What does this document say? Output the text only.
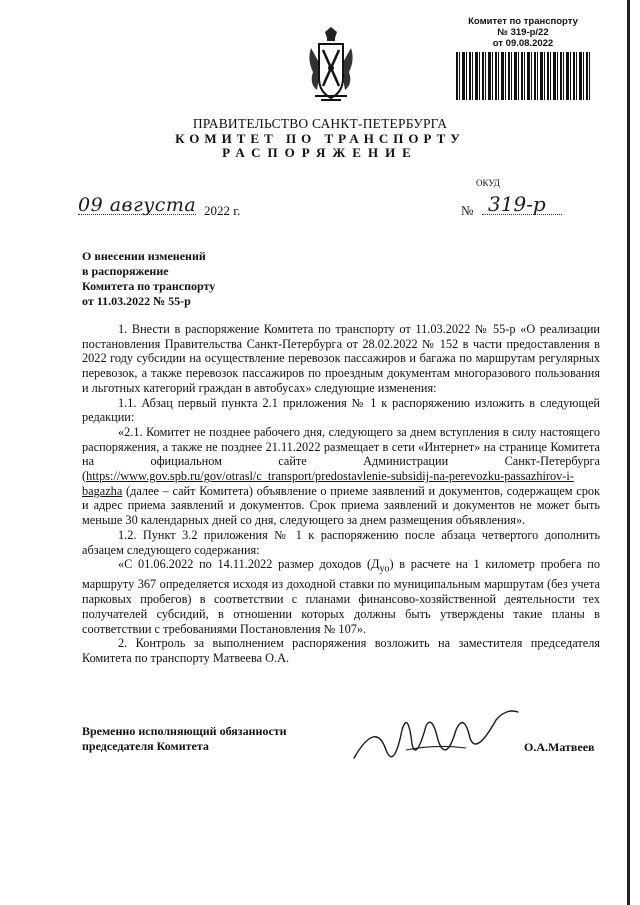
Комитет по транспорту
№ 319-р/22
от 09.08.2022
ПРАВИТЕЛЬСТВО САНКТ-ПЕТЕРБУРГА
КОМИТЕТ ПО ТРАНСПОРТУ
РАСПОРЯЖЕНИЕ
ОКУД
09 августа 2022 г.	№ 319-р
О внесении изменений
в распоряжение
Комитета по транспорту
от 11.03.2022 № 55-р

1. Внести в распоряжение Комитета по транспорту от 11.03.2022 № 55-р «О реализации постановления Правительства Санкт-Петербурга от 28.02.2022 № 152 в части предоставления в 2022 году субсидии на осуществление перевозок пассажиров и багажа по маршрутам регулярных перевозок, а также перевозок пассажиров по проездным документам многоразового пользования и льготных категорий граждан в автобусах» следующие изменения:

1.1. Абзац первый пункта 2.1 приложения № 1 к распоряжению изложить в следующей редакции:

«2.1. Комитет не позднее рабочего дня, следующего за днем вступления в силу настоящего распоряжения, а также не позднее 21.11.2022 размещает в сети «Интернет» на странице Комитета на официальном сайте Администрации Санкт-Петербурга (https://www.gov.spb.ru/gov/otrasl/c_transport/predostavlenie-subsidij-na-perevozku-passazhirov-i-bagazha (далее – сайт Комитета) объявление о приеме заявлений и документов, содержащем срок и адрес приема заявлений и документов. Срок приема заявлений и документов не может быть меньше 30 календарных дней со дня, следующего за днем размещения объявления».

1.2. Пункт 3.2 приложения № 1 к распоряжению после абзаца четвертого дополнить абзацем следующего содержания:

«С 01.06.2022 по 14.11.2022 размер доходов $(Д_{уо})$ в расчете на 1 километр пробега по маршруту 367 определяется исходя из доходной ставки по муниципальным маршрутам (без учета парковых пробегов) в соответствии с планами финансово-хозяйственной деятельности тех получателей субсидий, в отношении которых должны быть утверждены такие планы в соответствии с требованиями Постановления № 107».

2. Контроль за выполнением распоряжения возложить на заместителя председателя Комитета по транспорту Матвеева О.А.

Временно исполняющий обязанности
председателя Комитета	О.А.Матвеев
